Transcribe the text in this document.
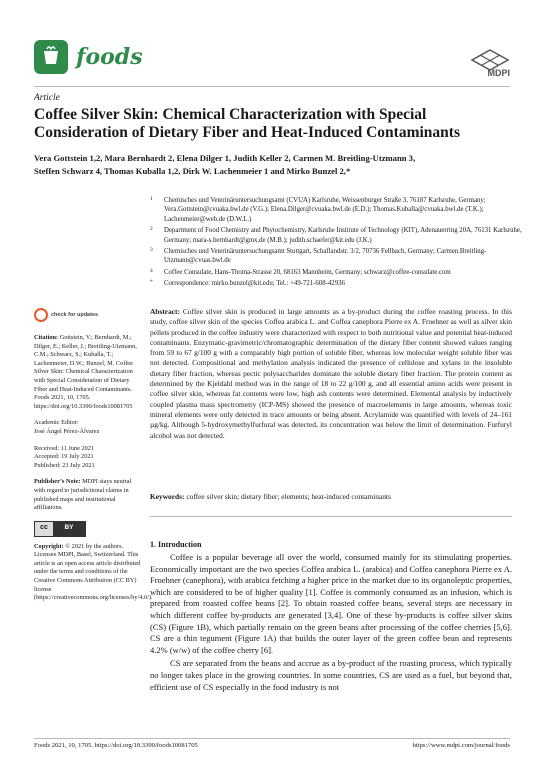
foods
MDPI
Article
Coffee Silver Skin: Chemical Characterization with Special Consideration of Dietary Fiber and Heat-Induced Contaminants
Vera Gottstein 1,2, Mara Bernhardt 2, Elena Dilger 1, Judith Keller 2, Carmen M. Breitling-Utzmann 3,
Steffen Schwarz 4, Thomas Kuballa 1,2, Dirk W. Lachenmeier 1 and Mirko Bunzel 2,*
1 Chemisches und Veterinäruntersuchungsamt (CVUA) Karlsruhe, Weissenburger Straße 3, 76187 Karlsruhe, Germany; Vera.Gottstein@cvuaka.bwl.de (V.G.); Elena.Dilger@cvuaka.bwl.de (E.D.); Thomas.Kuballa@cvuaka.bwl.de (T.K.); Lachenmeier@web.de (D.W.L.)
2 Department of Food Chemistry and Phytochemistry, Karlsruhe Institute of Technology (KIT), Adenauerring 20A, 76131 Karlsruhe, Germany; mara-s.bernhardt@gmx.de (M.B.); judith.schaefer@kit.edu (J.K.)
3 Chemisches und Veterinäruntersuchungsamt Stuttgart, Schaflandstr. 3/2, 70736 Fellbach, Germany; Carmen.Breitling-Utzmann@cvuas.bwl.de
4 Coffee Consulate, Hans-Thoma-Strasse 20, 68163 Mannheim, Germany; schwarz@coffee-consulate.com
* Correspondence: mirko.bunzel@kit.edu; Tel.: +49-721-608-42936
check for updates
Citation: Gottstein, V.; Bernhardt, M.; Dilger, E.; Keller, J.; Breitling-Utzmann, C.M.; Schwarz, S.; Kuballa, T.; Lachenmeier, D.W.; Bunzel, M. Coffee Silver Skin: Chemical Characterization with Special Consideration of Dietary Fiber and Heat-Induced Contaminants. Foods 2021, 10, 1705. https://doi.org/10.3390/foods10081705
Academic Editor:
José Ángel Pérez-Álvarez
Received: 11 June 2021
Accepted: 19 July 2021
Published: 23 July 2021
Publisher’s Note: MDPI stays neutral with regard to jurisdictional claims in published maps and institutional affiliations.
cc	BY
Copyright: © 2021 by the authors. Licensee MDPI, Basel, Switzerland. This article is an open access article distributed under the terms and conditions of the Creative Commons Attribution (CC BY) license (https://creativecommons.org/licenses/by/4.0/).
Abstract: Coffee silver skin is produced in large amounts as a by-product during the coffee roasting process. In this study, coffee silver skin of the species Coffea arabica L. and Coffea canephora Pierre ex A. Froehner as well as silver skin pellets produced in the coffee industry were characterized with respect to both nutritional value and potential heat-induced contaminants. Enzymatic-gravimetric/chromatographic determination of the dietary fiber content showed values ranging from 59 to 67 g/100 g with a comparably high portion of soluble fiber, whereas low molecular weight soluble fiber was not detected. Compositional and methylation analysis indicated the presence of cellulose and xylans in the insoluble dietary fiber fraction, whereas pectic polysaccharides dominate the soluble dietary fiber fraction. The protein content as determined by the Kjeldahl method was in the range of 18 to 22 g/100 g, and all essential amino acids were present in coffee silver skin, whereas fat contents were low, high ash contents were determined. Elemental analysis by inductively coupled plasma mass spectrometry (ICP-MS) showed the presence of macroelements in large amounts, whereas toxic mineral elements were only detected in trace amounts or being absent. Acrylamide was quantified with levels of 24–161 µg/kg. Although 5-hydroxymethylfurfural was detected, its concentration was below the limit of determination. Furfuryl alcohol was not detected.
Keywords: coffee silver skin; dietary fiber; elements; heat-induced contaminants
1. Introduction

Coffee is a popular beverage all over the world, consumed mainly for its stimulating properties. Economically important are the two species Coffea arabica L. (arabica) and Coffea canephora Pierre ex A. Froehner (canephora), with arabica fetching a higher price in the market due to its organoleptic properties, which are considered to be of higher quality [1]. Coffee is commonly consumed as an infusion, which is prepared from roasted coffee beans [2]. To obtain roasted coffee beans, several steps are necessary in which different coffee by-products are generated [3,4]. One of these by-products is coffee silver skins (CS) (Figure 1B), which partially remain on the green beans after processing of the coffee cherries [5,6]. CS are a thin tegument (Figure 1A) that builds the outer layer of the green coffee bean and represents 4.2% (w/w) of the coffee cherry [6].

CS are separated from the beans and accrue as a by-product of the roasting process, which typically no longer takes place in the growing countries. In some countries, CS are used as a fuel, but beyond that, efficient use of CS especially in the food industry is not

Foods 2021, 10, 1705. https://doi.org/10.3390/foods10081705	https://www.mdpi.com/journal/foods
